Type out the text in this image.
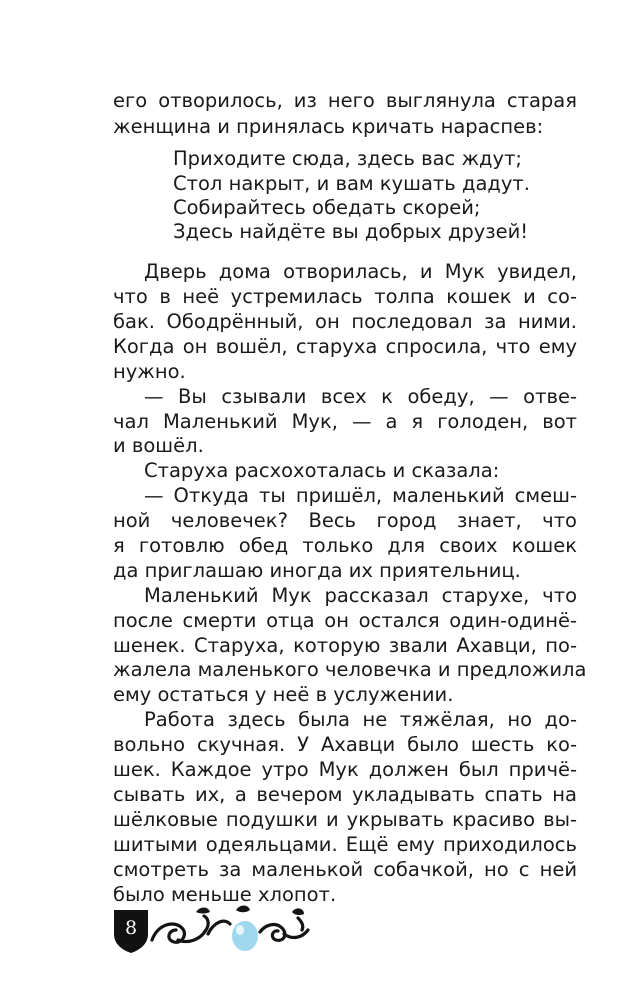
его отворилось, из него выглянула старая
женщина и принялась кричать нараспев:
Приходите сюда, здесь вас ждут;
Стол накрыт, и вам кушать дадут.
Собирайтесь обедать скорей;
Здесь найдёте вы добрых друзей!
Дверь дома отворилась, и Мук увидел,
что в неё устремилась толпа кошек и со-
бак. Ободрённый, он последовал за ними.
Когда он вошёл, старуха спросила, что ему
нужно.
— Вы сзывали всех к обеду, — отве-
чал Маленький Мук, — а я голоден, вот
и вошёл.
Старуха расхохоталась и сказала:
— Откуда ты пришёл, маленький смеш-
ной человечек? Весь город знает, что
я готовлю обед только для своих кошек
да приглашаю иногда их приятельниц.
Маленький Мук рассказал старухе, что
после смерти отца он остался один-одинё-
шенек. Старуха, которую звали Ахавци, по-
жалела маленького человечка и предложила
ему остаться у неё в услужении.
Работа здесь была не тяжёлая, но до-
вольно скучная. У Ахавци было шесть ко-
шек. Каждое утро Мук должен был причё-
сывать их, а вечером укладывать спать на
шёлковые подушки и укрывать красиво вы-
шитыми одеяльцами. Ещё ему приходилось
смотреть за маленькой собачкой, но с ней
было меньше хлопот.
8
